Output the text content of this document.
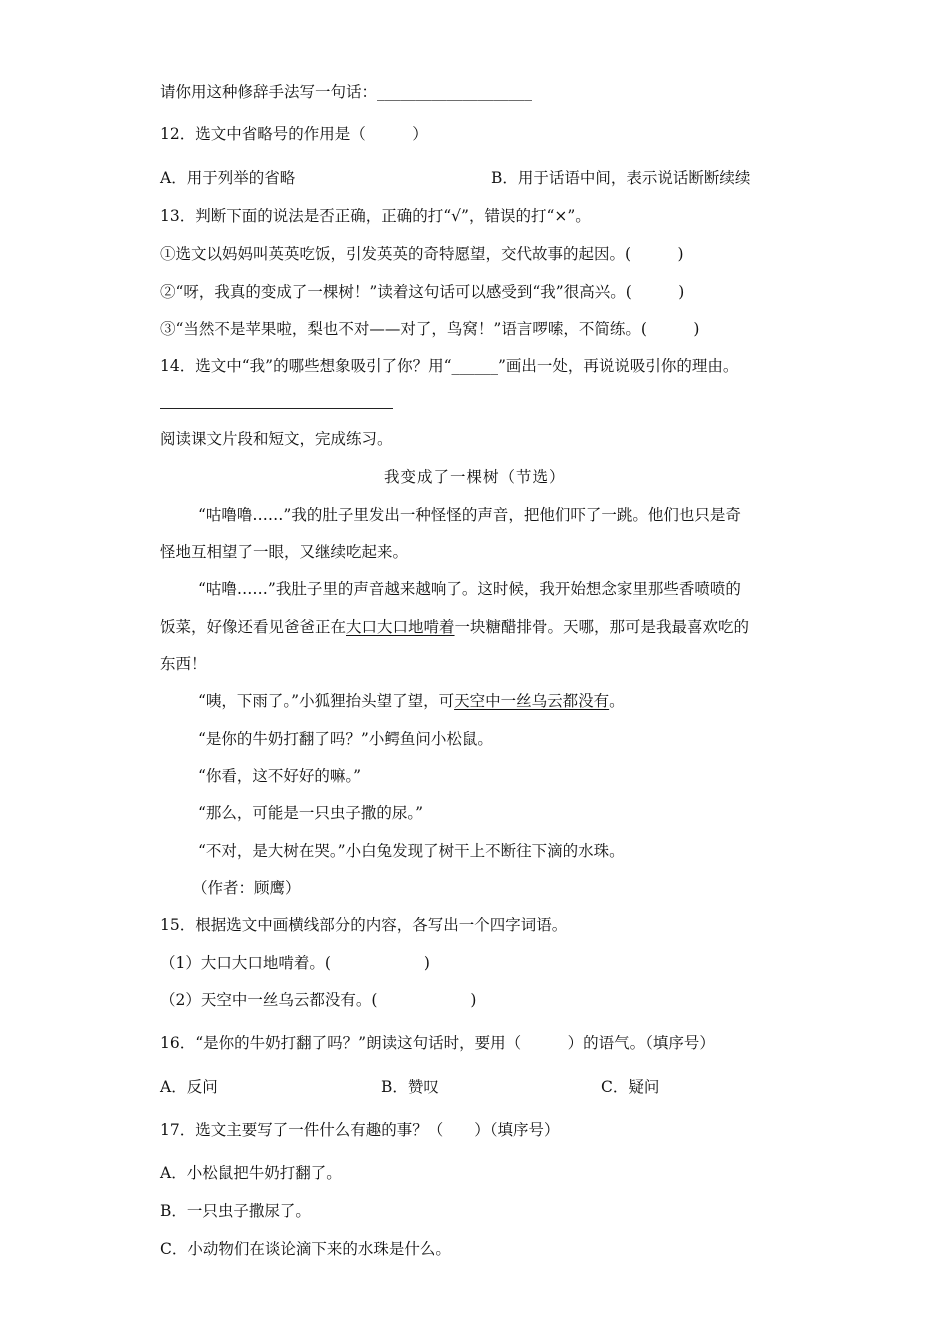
请你用这种修辞手法写一句话：____________________
12．选文中省略号的作用是（　　　）
A．用于列举的省略	B．用于话语中间，表示说话断断续续
13．判断下面的说法是否正确，正确的打“√”，错误的打“×”。
①选文以妈妈叫英英吃饭，引发英英的奇特愿望，交代故事的起因。(　　　)
②“呀，我真的变成了一棵树！”读着这句话可以感受到“我”很高兴。(　　　)
③“当然不是苹果啦，梨也不对——对了，鸟窝！”语言啰嗦，不简练。(　　　)
14．选文中“我”的哪些想象吸引了你？用“______”画出一处，再说说吸引你的理由。
阅读课文片段和短文，完成练习。
我变成了一棵树（节选）
“咕噜噜……”我的肚子里发出一种怪怪的声音，把他们吓了一跳。他们也只是奇
怪地互相望了一眼，又继续吃起来。
“咕噜……”我肚子里的声音越来越响了。这时候，我开始想念家里那些香喷喷的
饭菜，好像还看见爸爸正在大口大口地啃着一块糖醋排骨。天哪，那可是我最喜欢吃的
东西！
“咦，下雨了。”小狐狸抬头望了望，可天空中一丝乌云都没有。
“是你的牛奶打翻了吗？”小鳄鱼问小松鼠。
“你看，这不好好的嘛。”
“那么，可能是一只虫子撒的尿。”
“不对，是大树在哭。”小白兔发现了树干上不断往下滴的水珠。
（作者：顾鹰）
15．根据选文中画横线部分的内容，各写出一个四字词语。
（1）大口大口地啃着。(　　　　　　)
（2）天空中一丝乌云都没有。(　　　　　　)
16．“是你的牛奶打翻了吗？”朗读这句话时，要用（　　　）的语气。（填序号）
A．反问	B．赞叹	C．疑问
17．选文主要写了一件什么有趣的事？（　　）（填序号）
A．小松鼠把牛奶打翻了。
B．一只虫子撒尿了。
C．小动物们在谈论滴下来的水珠是什么。
